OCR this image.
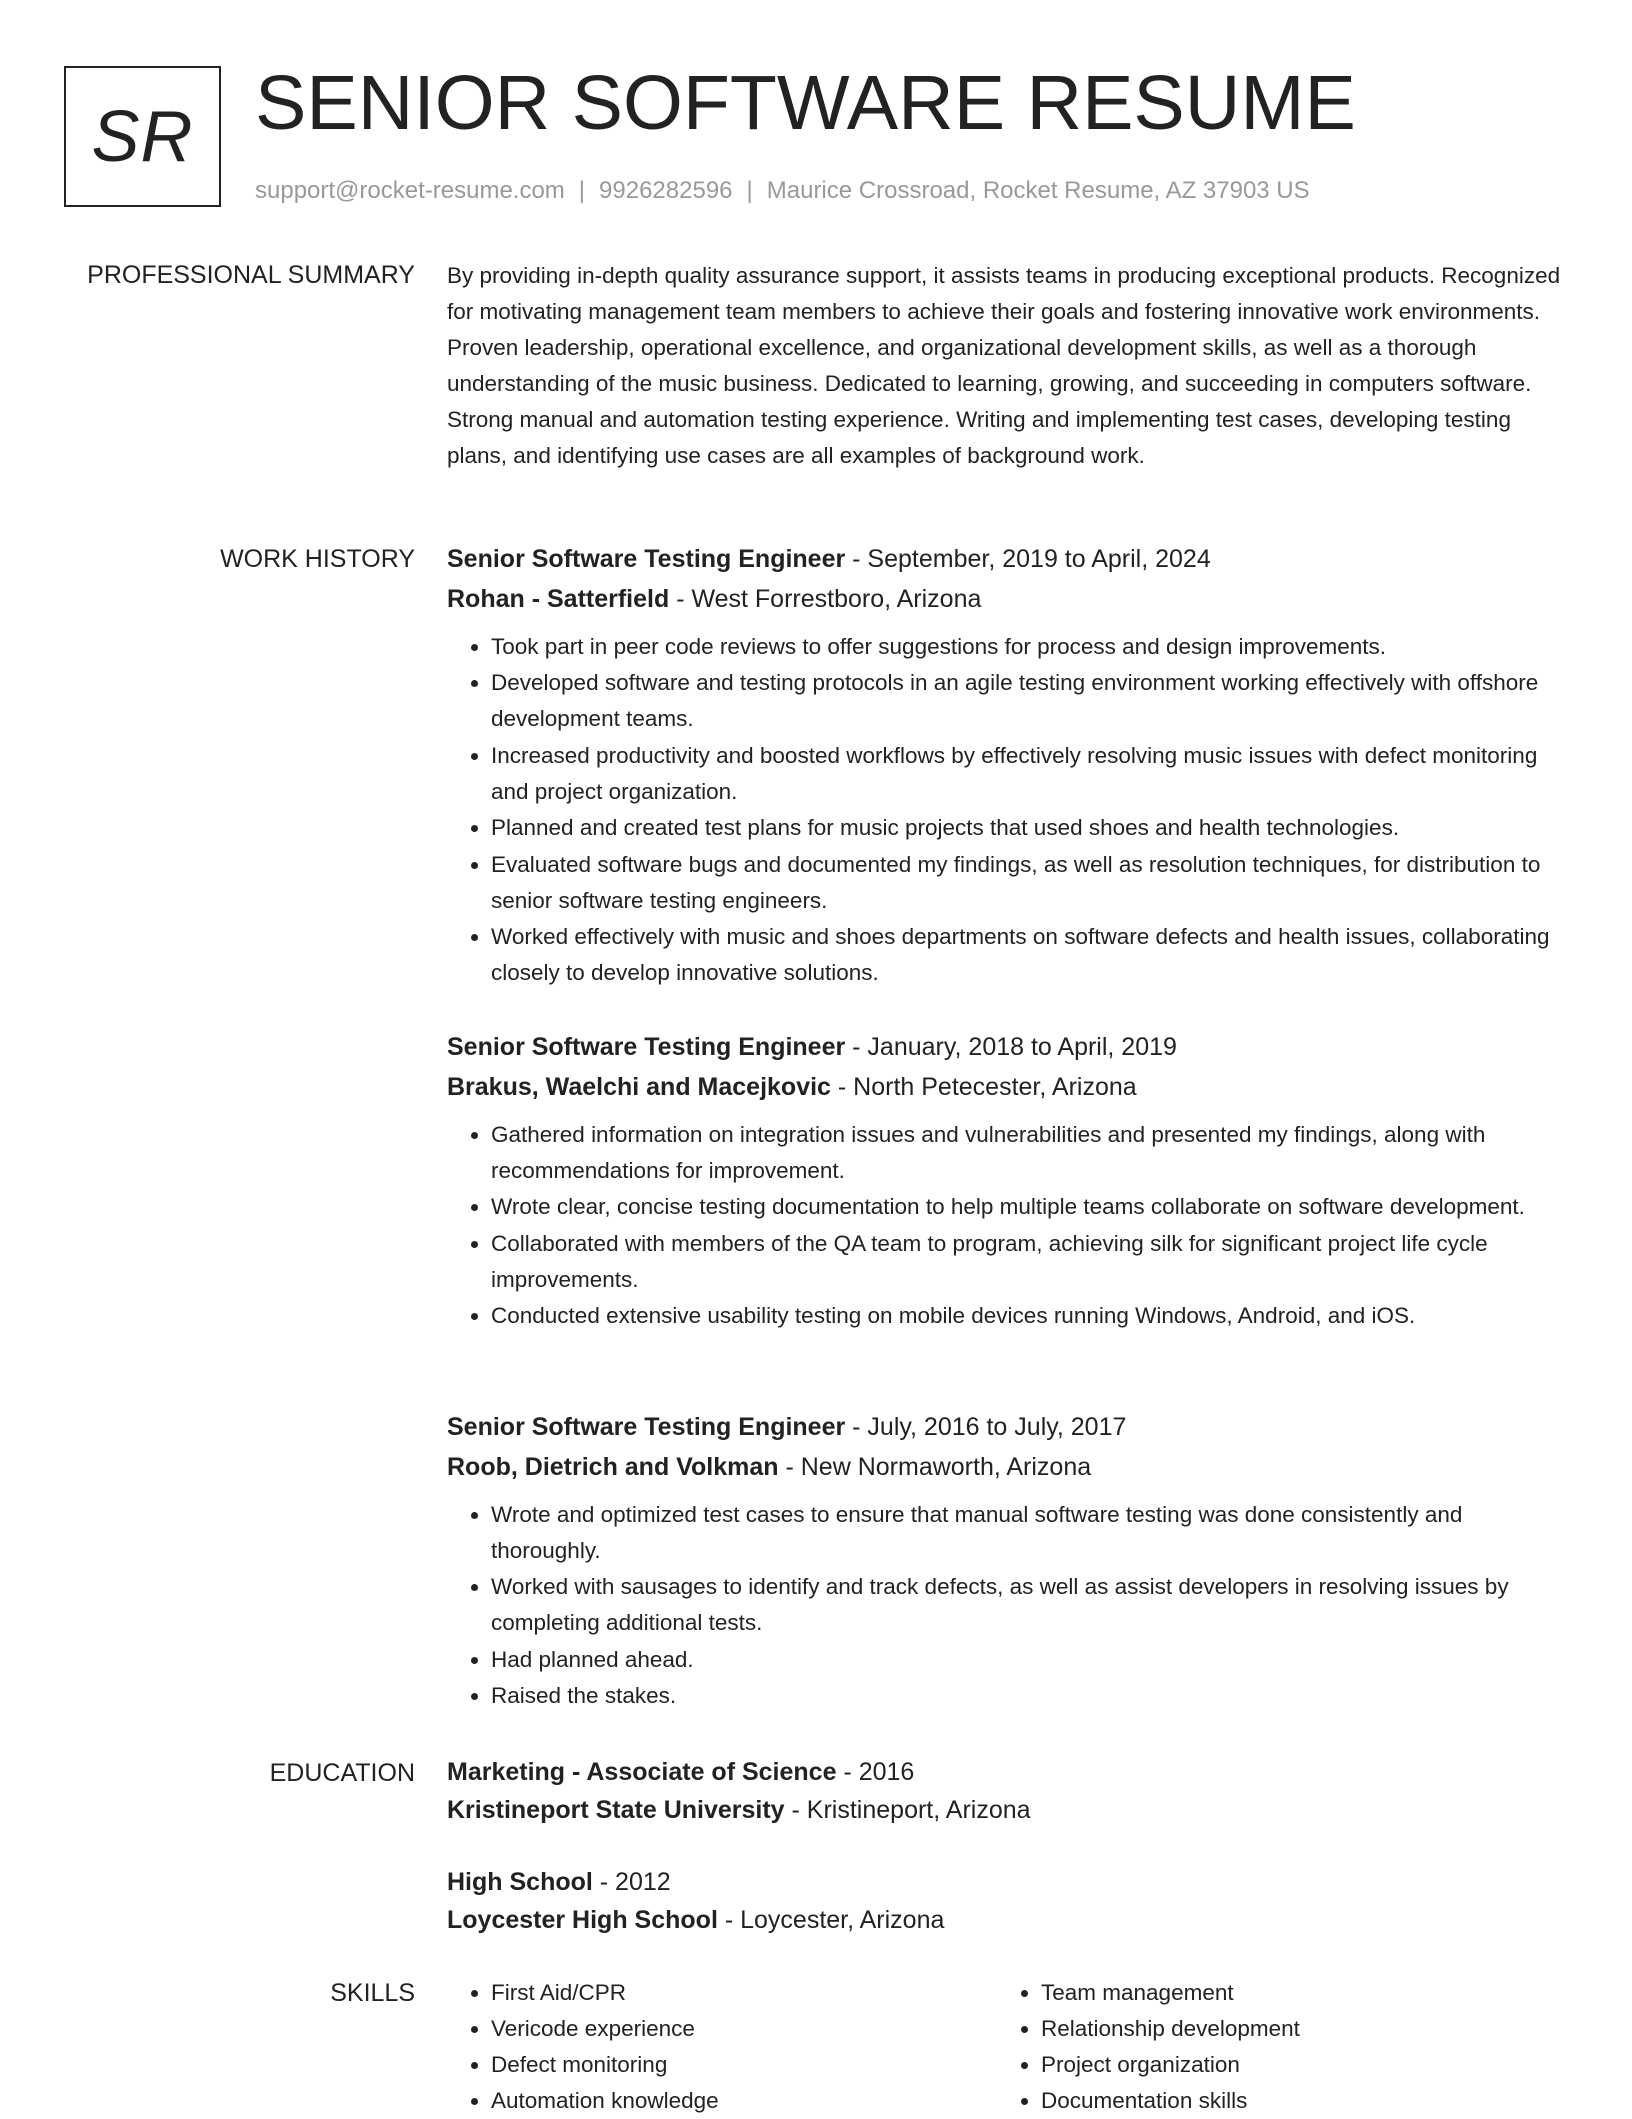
SR SENIOR SOFTWARE RESUME
support@rocket-resume.com | 9926282596 | Maurice Crossroad, Rocket Resume, AZ 37903 US
PROFESSIONAL SUMMARY By providing in-depth quality assurance support, it assists teams in producing exceptional products. Recognized for motivating management team members to achieve their goals and fostering innovative work environments. Proven leadership, operational excellence, and organizational development skills, as well as a thorough understanding of the music business. Dedicated to learning, growing, and succeeding in computers software. Strong manual and automation testing experience. Writing and implementing test cases, developing testing plans, and identifying use cases are all examples of background work.

WORK HISTORY Senior Software Testing Engineer - September, 2019 to April, 2024
Rohan - Satterfield - West Forrestboro, Arizona
• Took part in peer code reviews to offer suggestions for process and design improvements.
• Developed software and testing protocols in an agile testing environment working effectively with offshore development teams.
• Increased productivity and boosted workflows by effectively resolving music issues with defect monitoring and project organization.
• Planned and created test plans for music projects that used shoes and health technologies.
• Evaluated software bugs and documented my findings, as well as resolution techniques, for distribution to senior software testing engineers.
• Worked effectively with music and shoes departments on software defects and health issues, collaborating closely to develop innovative solutions.
Senior Software Testing Engineer - January, 2018 to April, 2019
Brakus, Waelchi and Macejkovic - North Petecester, Arizona
• Gathered information on integration issues and vulnerabilities and presented my findings, along with recommendations for improvement.
• Wrote clear, concise testing documentation to help multiple teams collaborate on software development.
• Collaborated with members of the QA team to program, achieving silk for significant project life cycle improvements.
• Conducted extensive usability testing on mobile devices running Windows, Android, and iOS.
Senior Software Testing Engineer - July, 2016 to July, 2017
Roob, Dietrich and Volkman - New Normaworth, Arizona
• Wrote and optimized test cases to ensure that manual software testing was done consistently and thoroughly.
• Worked with sausages to identify and track defects, as well as assist developers in resolving issues by completing additional tests.
• Had planned ahead.
• Raised the stakes.
EDUCATION Marketing - Associate of Science - 2016
Kristineport State University - Kristineport, Arizona
High School - 2012
Loycester High School - Loycester, Arizona
SKILLS
•	First Aid/CPR
• Vericode experience
• Defect monitoring
• Automation knowledge
• Team management
• Relationship development
• Project organization
• Documentation skills
